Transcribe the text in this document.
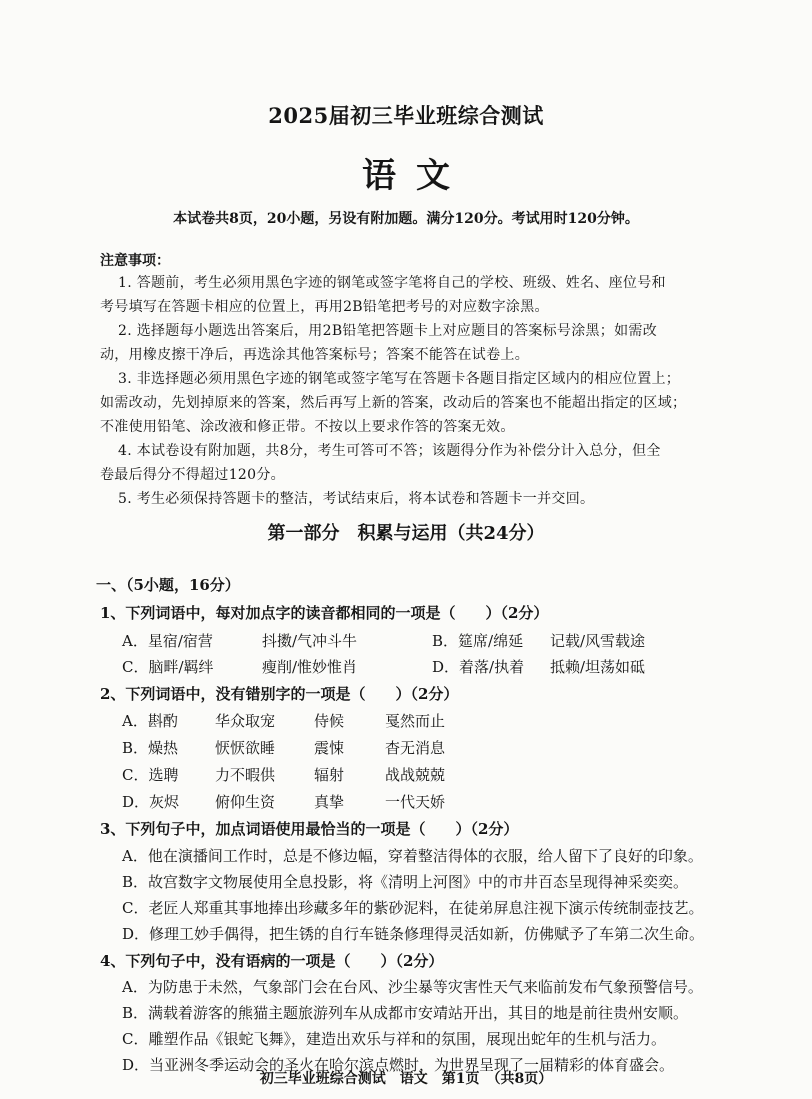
2025届初三毕业班综合测试
语文
本试卷共8页，20小题，另设有附加题。满分120分。考试用时120分钟。
注意事项：
1. 答题前，考生必须用黑色字迹的钢笔或签字笔将自己的学校、班级、姓名、座位号和
考号填写在答题卡相应的位置上，再用2B铅笔把考号的对应数字涂黑。
2. 选择题每小题选出答案后，用2B铅笔把答题卡上对应题目的答案标号涂黑；如需改
动，用橡皮擦干净后，再选涂其他答案标号；答案不能答在试卷上。
3. 非选择题必须用黑色字迹的钢笔或签字笔写在答题卡各题目指定区域内的相应位置上；
如需改动，先划掉原来的答案，然后再写上新的答案，改动后的答案也不能超出指定的区域；
不准使用铅笔、涂改液和修正带。不按以上要求作答的答案无效。
4. 本试卷设有附加题，共8分，考生可答可不答；该题得分作为补偿分计入总分，但全
卷最后得分不得超过120分。
5. 考生必须保持答题卡的整洁，考试结束后，将本试卷和答题卡一并交回。
第一部分　积累与运用（共24分）
一、（5小题，16分）
1、下列词语中，每对加点字的读音都相同的一项是（　　）（2分）
A．星宿/宿营	抖擞/气冲斗牛	B．筵席/绵延 记载/风雪载途
C．脑畔/羁绊	瘦削/惟妙惟肖	D．着落/执着 抵赖/坦荡如砥
2、下列词语中，没有错别字的一项是（　　）（2分）
A．斟酌 华众取宠	侍候	戛然而止
B．燥热 恹恹欲睡	震悚	杳无消息
C．选聘 力不暇供	辐射	战战兢兢
D．灰烬 俯仰生资	真挚	一代天娇
3、下列句子中，加点词语使用最恰当的一项是（　　）（2分）
A．他在演播间工作时，总是不修边幅，穿着整洁得体的衣服，给人留下了良好的印象。
B．故宫数字文物展使用全息投影，将《清明上河图》中的市井百态呈现得神采奕奕。
C．老匠人郑重其事地捧出珍藏多年的紫砂泥料，在徒弟屏息注视下演示传统制壶技艺。
D．修理工妙手偶得，把生锈的自行车链条修理得灵活如新，仿佛赋予了车第二次生命。
4、下列句子中，没有语病的一项是（　　）（2分）
A．为防患于未然，气象部门会在台风、沙尘暴等灾害性天气来临前发布气象预警信号。
B．满载着游客的熊猫主题旅游列车从成都市安靖站开出，其目的地是前往贵州安顺。
C．雕塑作品《银蛇飞舞》，建造出欢乐与祥和的氛围，展现出蛇年的生机与活力。
D．当亚洲冬季运动会的圣火在哈尔滨点燃时，为世界呈现了一届精彩的体育盛会。
初三毕业班综合测试　语文　第1页　（共8页）
